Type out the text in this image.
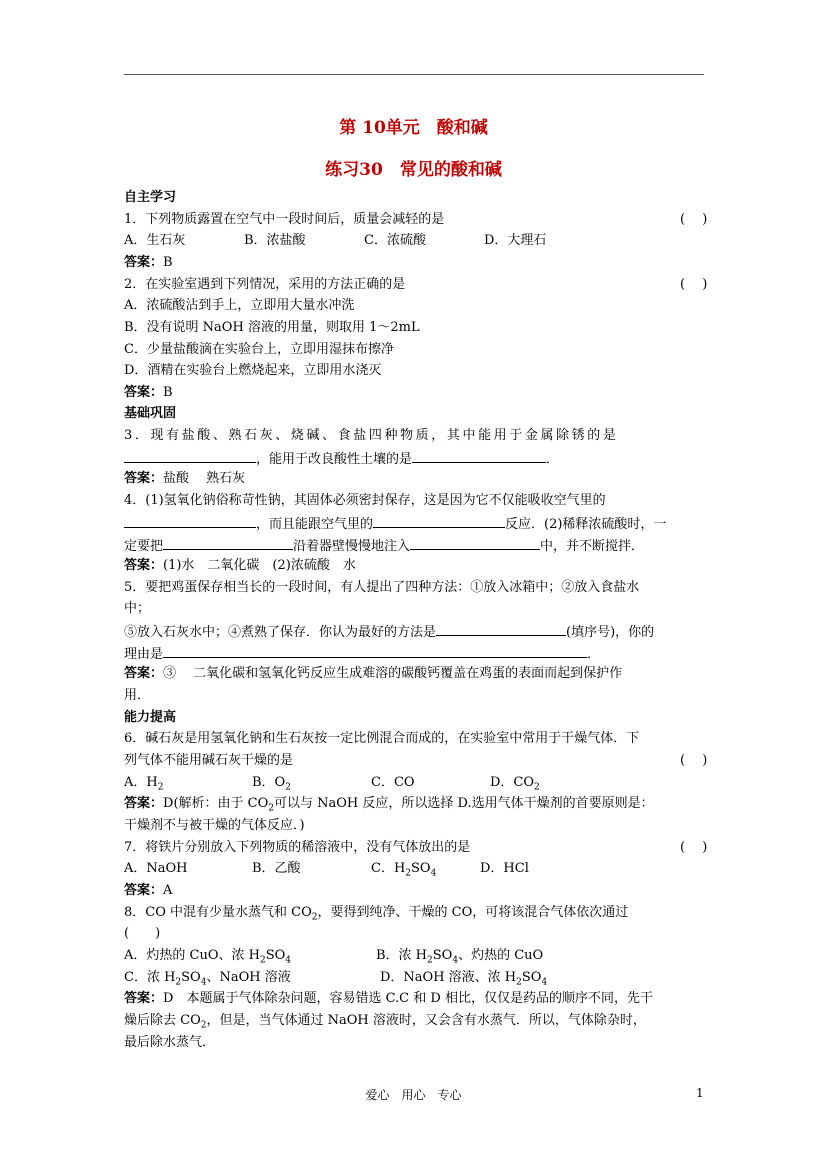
第 10单元　酸和碱
练习30　常见的酸和碱
自主学习
1．下列物质露置在空气中一段时间后，质量会减轻的是	(　 )
A．生石灰	B．浓盐酸	C．浓硫酸	D．大理石
答案：B
2．在实验室遇到下列情况，采用的方法正确的是	(　 )
A．浓硫酸沾到手上，立即用大量水冲洗
B．没有说明 NaOH 溶液的用量，则取用 1～2mL
C．少量盐酸滴在实验台上，立即用湿抹布擦净
D．酒精在实验台上燃烧起来，立即用水浇灭
答案：B
基础巩固
3．现有盐酸、熟石灰、烧碱、食盐四种物质，其中能用于金属除锈的是
，能用于改良酸性土壤的是	．
答案：盐酸　 熟石灰
4．(1)氢氧化钠俗称苛性钠，其固体必须密封保存，这是因为它不仅能吸收空气里的
，而且能跟空气里的	反应．(2)稀释浓硫酸时，一
定要把	沿着器壁慢慢地注入	中，并不断搅拌．
答案：(1)水　二氧化碳　(2)浓硫酸　水
5．要把鸡蛋保存相当长的一段时间，有人提出了四种方法：①放入冰箱中；②放入食盐水
中；
⑤放入石灰水中；④煮熟了保存．你认为最好的方法是	(填序号)，你的
理由是	．
答案：③　 二氧化碳和氢氧化钙反应生成难溶的碳酸钙覆盖在鸡蛋的表面而起到保护作
用．
能力提高
6．碱石灰是用氢氧化钠和生石灰按一定比例混合而成的，在实验室中常用于干燥气体．下
列气体不能用碱石灰干燥的是	(　 )
A．$H_2$	B．$O_2$	C．CO	D．$CO_2$
答案：D(解析：由于 $CO_2$可以与 NaOH 反应，所以选择 D.选用气体干燥剂的首要原则是：
干燥剂不与被干燥的气体反应．)
7．将铁片分别放入下列物质的稀溶液中，没有气体放出的是	(　 )
A．NaOH	B．乙酸	C．$H_2SO_4$	D．HCl
答案：A
8．CO 中混有少量水蒸气和 $CO_2$，要得到纯净、干燥的 CO，可将该混合气体依次通过
(　　)
A．灼热的 CuO、浓 $H_2SO_4$	B．浓 $H_2SO_4$、灼热的 CuO
C．浓 $H_2SO_4$、NaOH 溶液	D．NaOH 溶液、浓 $H_2SO_4$
答案：D　本题属于气体除杂问题，容易错选 C.C 和 D 相比，仅仅是药品的顺序不同，先干
燥后除去 $CO_2$，但是，当气体通过 NaOH 溶液时，又会含有水蒸气．所以，气体除杂时，
最后除水蒸气．
爱心　用心　专心	1
